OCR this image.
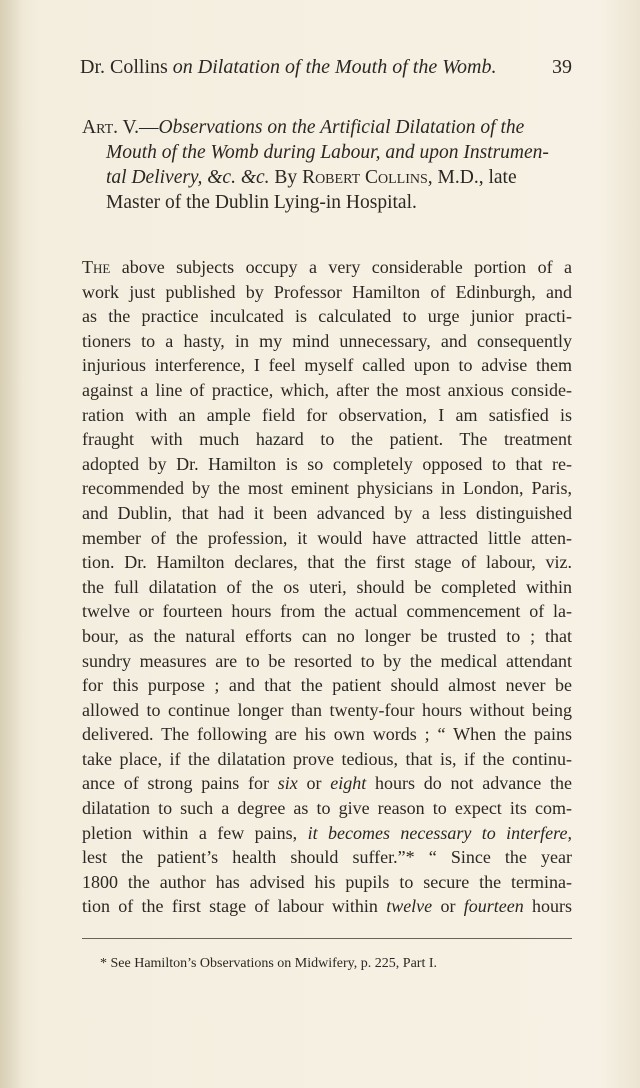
Dr. Collins on Dilatation of the Mouth of the Womb.	39

Art. V.—Observations on the Artificial Dilatation of the

Mouth of the Womb during Labour, and upon Instrumen-

tal Delivery, &c. &c. By Robert Collins, M.D., late

Master of the Dublin Lying-in Hospital.

The above subjects occupy a very considerable portion of a
work just published by Professor Hamilton of Edinburgh, and
as the practice inculcated is calculated to urge junior practi-
tioners to a hasty, in my mind unnecessary, and consequently
injurious interference, I feel myself called upon to advise them
against a line of practice, which, after the most anxious conside-
ration with an ample field for observation, I am satisfied is
fraught with much hazard to the patient. The treatment
adopted by Dr. Hamilton is so completely opposed to that re-
recommended by the most eminent physicians in London, Paris,
and Dublin, that had it been advanced by a less distinguished
member of the profession, it would have attracted little atten-
tion. Dr. Hamilton declares, that the first stage of labour, viz.
the full dilatation of the os uteri, should be completed within
twelve or fourteen hours from the actual commencement of la-
bour, as the natural efforts can no longer be trusted to ; that
sundry measures are to be resorted to by the medical attendant
for this purpose ; and that the patient should almost never be
allowed to continue longer than twenty-four hours without being
delivered. The following are his own words ; “ When the pains
take place, if the dilatation prove tedious, that is, if the continu-
ance of strong pains for six or eight hours do not advance the
dilatation to such a degree as to give reason to expect its com-
pletion within a few pains, it becomes necessary to interfere,
lest the patient’s health should suffer.”* “ Since the year
1800 the author has advised his pupils to secure the termina-
tion of the first stage of labour within twelve or fourteen hours
* See Hamilton’s Observations on Midwifery, p. 225, Part I.
